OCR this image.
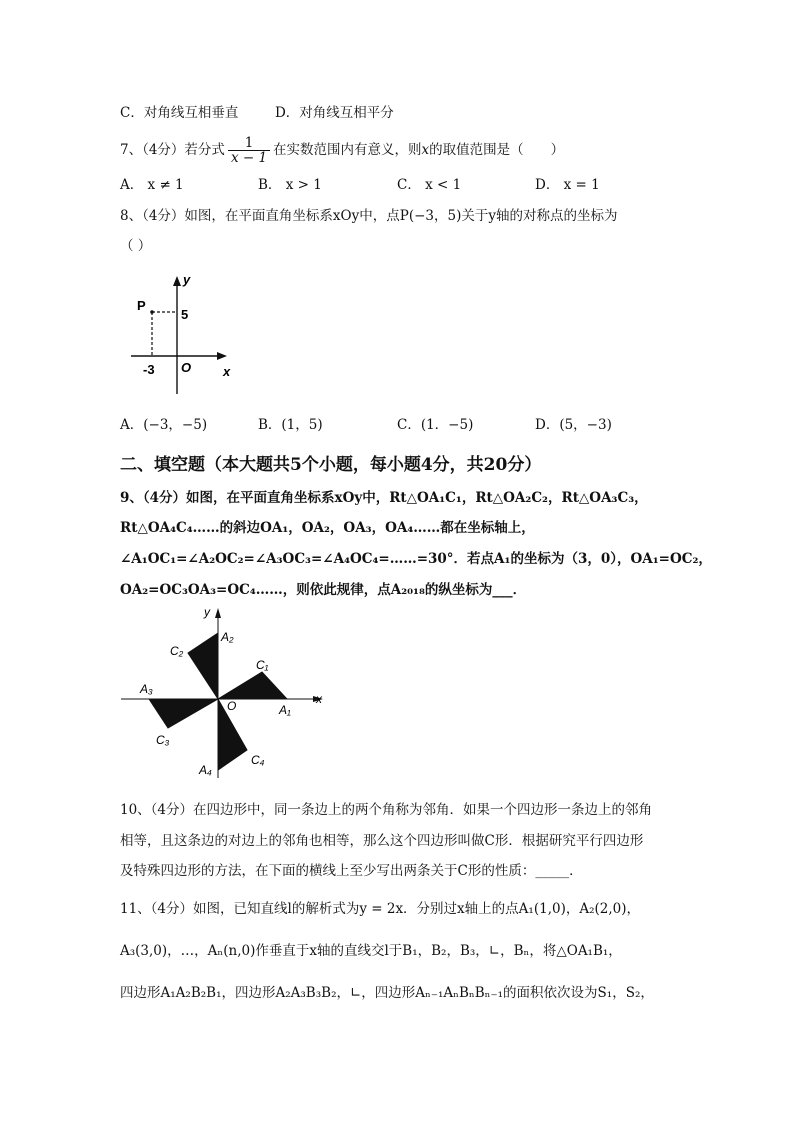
C．对角线互相垂直	D．对角线互相平分
7、（4分）若分式 $\frac{1}{x - 1}$ 在实数范围内有意义，则x的取值范围是（　　）
A． x ≠ 1	B． x > 1	C． x < 1	D． x = 1
8、（4分）如图，在平面直角坐标系xOy中，点P(−3，5)关于y轴的对称点的坐标为
（ ）
y
x
O
P
5
-3
A．(−3，−5)	B．(1，5)	C．(1．−5)	D．(5，−3)
二、填空题（本大题共5个小题，每小题4分，共20分）
9、（4分）如图，在平面直角坐标系xOy中，Rt△OA₁C₁，Rt△OA₂C₂，Rt△OA₃C₃，
Rt△OA₄C₄……的斜边OA₁，OA₂，OA₃，OA₄……都在坐标轴上，
∠A₁OC₁=∠A₂OC₂=∠A₃OC₃=∠A₄OC₄=……=30°．若点A₁的坐标为（3，0），OA₁=OC₂，
OA₂=OC₃OA₃=OC₄……，则依此规律，点A₂₀₁₈的纵坐标为___．
y
x
O	A₁
A₂
A₃
A₄
C₁
C₂
C₃
C₄
10、（4分）在四边形中，同一条边上的两个角称为邻角．如果一个四边形一条边上的邻角
相等，且这条边的对边上的邻角也相等，那么这个四边形叫做C形．根据研究平行四边形
及特殊四边形的方法，在下面的横线上至少写出两条关于C形的性质：_____．
11、（4分）如图，已知直线l的解析式为y = 2x．分别过x轴上的点A₁(1,0)，A₂(2,0)，
A₃(3,0)，…，Aₙ(n,0)作垂直于x轴的直线交l于B₁，B₂，B₃，∟，Bₙ，将△OA₁B₁，
四边形A₁A₂B₂B₁，四边形A₂A₃B₃B₂，∟，四边形Aₙ₋₁AₙBₙBₙ₋₁的面积依次设为S₁，S₂，
